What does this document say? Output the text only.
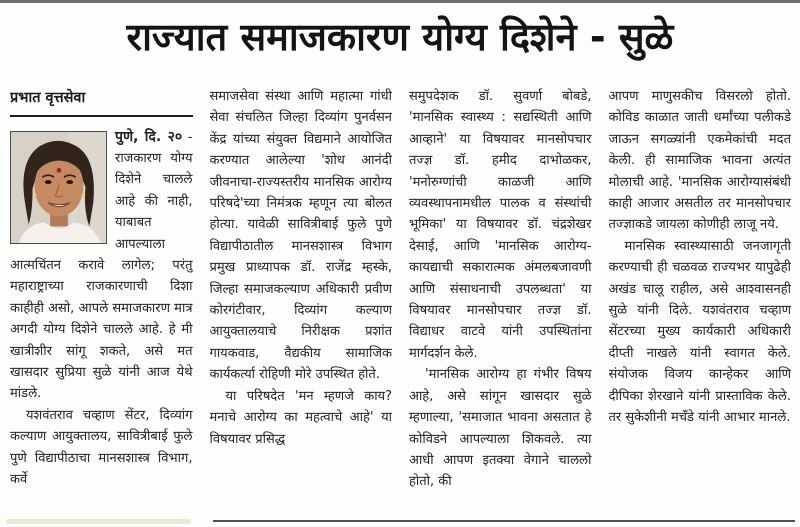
राज्यात समाजकारण योग्य दिशेने - सुळे
प्रभात वृत्तसेवा

पुणे, दि. २० - राजकारण योग्य दिशेने चालले आहे की नाही, याबाबत आपल्याला आत्मचिंतन करावे लागेल; परंतु महाराष्ट्राच्या राजकारणाची दिशा काहीही असो, आपले समाजकारण मात्र अगदी योग्य दिशेने चालले आहे. हे मी खात्रीशीर सांगू शकते, असे मत खासदार सुप्रिया सुळे यांनी आज येथे मांडले.

यशवंतराव चव्हाण सेंटर, दिव्यांग कल्याण आयुक्तालय, सावित्रीबाई फुले पुणे विद्यापीठाचा मानसशास्त्र विभाग, कर्वे

समाजसेवा संस्था आणि महात्मा गांधी सेवा संचलित जिल्हा दिव्यांग पुनर्वसन केंद्र यांच्या संयुक्त विद्यमाने आयोजित करण्यात आलेल्या 'शोध आनंदी जीवनाचा-राज्यस्तरीय मानसिक आरोग्य परिषदे'च्या निमंत्रक म्हणून त्या बोलत होत्या. यावेळी सावित्रीबाई फुले पुणे विद्यापीठातील मानसशास्त्र विभाग प्रमुख प्राध्यापक डॉ. राजेंद्र म्हस्के, जिल्हा समाजकल्याण अधिकारी प्रवीण कोरगंटीवार, दिव्यांग कल्याण आयुक्तालयाचे निरीक्षक प्रशांत गायकवाड, वैद्यकीय सामाजिक कार्यकर्त्या रोहिणी मोरे उपस्थित होते.

या परिषदेत 'मन म्हणजे काय? मनाचे आरोग्य का महत्वाचे आहे' या विषयावर प्रसिद्ध

समुपदेशक डॉ. सुवर्णा बोबडे, 'मानसिक स्वास्थ्य : सद्यस्थिती आणि आव्हाने' या विषयावर मानसोपचार तज्ज्ञ डॉ. हमीद दाभोळकर, 'मनोरुग्णांची काळजी आणि व्यवस्थापनामधील पालक व संस्थांची भूमिका' या विषयावर डॉ. चंद्रशेखर देसाई, आणि 'मानसिक आरोग्य-कायद्याची सकारात्मक अंमलबजावणी आणि संसाधनाची उपलब्धता' या विषयावर मानसोपचार तज्ज्ञ डॉ. विद्याधर वाटवे यांनी उपस्थितांना मार्गदर्शन केले.

'मानसिक आरोग्य हा गंभीर विषय आहे, असे सांगून खासदार सुळे म्हणाल्या, 'समाजात भावना असतात हे कोविडने आपल्याला शिकवले. त्या आधी आपण इतक्या वेगाने चाललो होतो, की

आपण माणुसकीच विसरलो होतो. कोविड काळात जाती धर्मांच्या पलीकडे जाऊन सगळ्यांनी एकमेकांची मदत केली. ही सामाजिक भावना अत्यंत मोलाची आहे. 'मानसिक आरोग्यासंबंधी काही आजार असतील तर मानसोपचार तज्ज्ञाकडे जायला कोणीही लाजू नये.

मानसिक स्वास्थ्यासाठी जनजागृती करण्याची ही चळवळ राज्यभर यापुढेही अखंड चालू राहील, असे आश्वासनही सुळे यांनी दिले. यशवंतराव चव्हाण सेंटरच्या मुख्य कार्यकारी अधिकारी दीप्ती नाखले यांनी स्वागत केले. संयोजक विजय कान्हेकर आणि दीपिका शेरखाने यांनी प्रास्ताविक केले. तर सुकेशीनी मचँडे यांनी आभार मानले.
